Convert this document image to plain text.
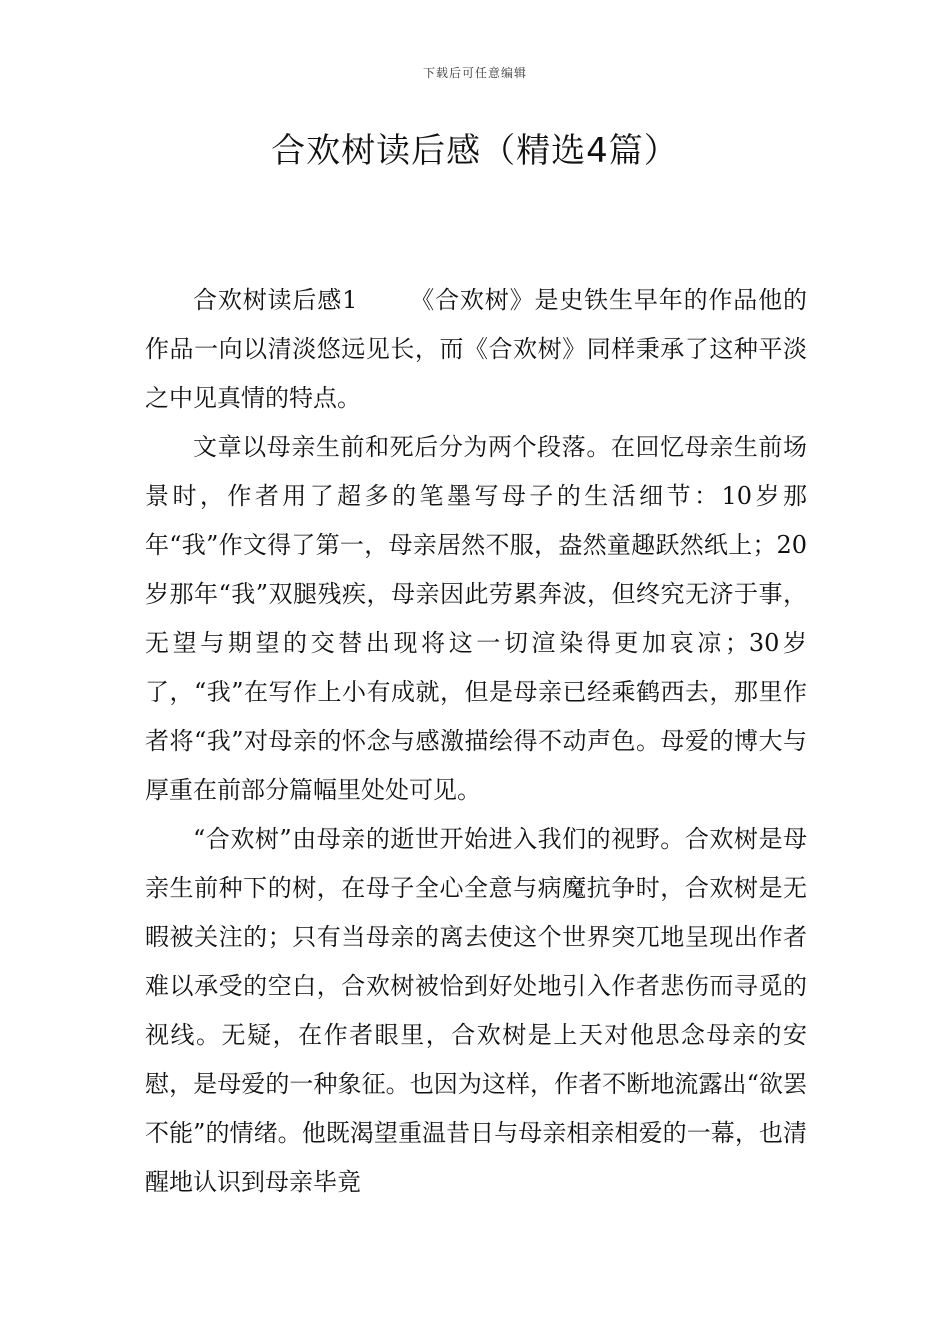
下载后可任意编辑
合欢树读后感（精选4篇）

合欢树读后感1 《合欢树》是史铁生早年的作品他的作品一向以清淡悠远见长，而《合欢树》同样秉承了这种平淡之中见真情的特点。

文章以母亲生前和死后分为两个段落。在回忆母亲生前场景时，作者用了超多的笔墨写母子的生活细节：10岁那年“我”作文得了第一，母亲居然不服，盎然童趣跃然纸上；20岁那年“我”双腿残疾，母亲因此劳累奔波，但终究无济于事，无望与期望的交替出现将这一切渲染得更加哀凉；30岁了，“我”在写作上小有成就，但是母亲已经乘鹤西去，那里作者将“我”对母亲的怀念与感激描绘得不动声色。母爱的博大与厚重在前部分篇幅里处处可见。

“合欢树”由母亲的逝世开始进入我们的视野。合欢树是母亲生前种下的树，在母子全心全意与病魔抗争时，合欢树是无暇被关注的；只有当母亲的离去使这个世界突兀地呈现出作者难以承受的空白，合欢树被恰到好处地引入作者悲伤而寻觅的视线。无疑，在作者眼里，合欢树是上天对他思念母亲的安慰，是母爱的一种象征。也因为这样，作者不断地流露出“欲罢不能”的情绪。他既渴望重温昔日与母亲相亲相爱的一幕，也清醒地认识到母亲毕竟
